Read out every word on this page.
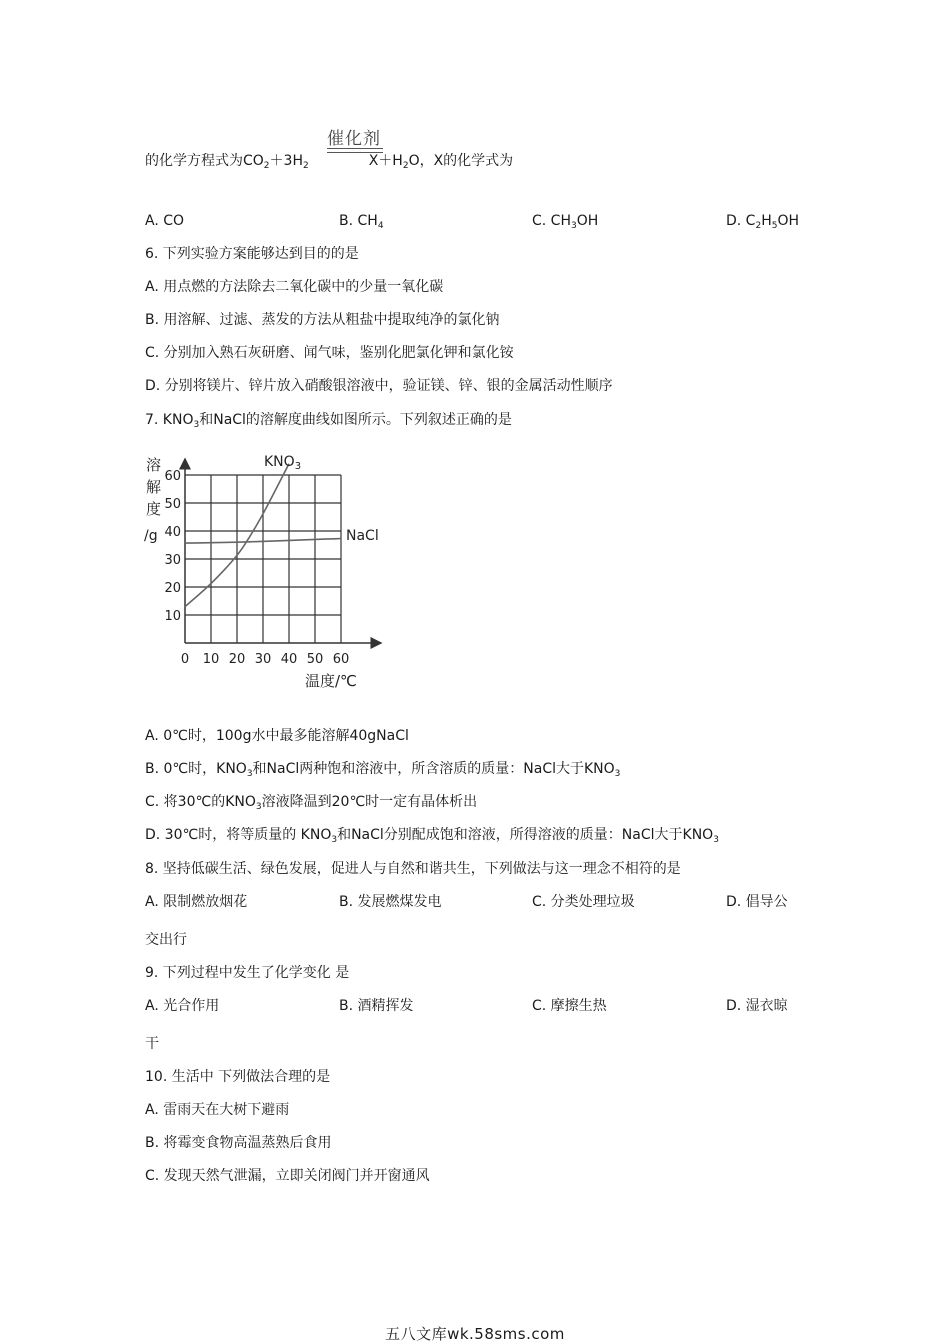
催化剂
的化学方程式为$CO_2+3H_2$	$X+H_2O$，X的化学式为
A. CO	B. $CH_4$	C. $CH_3OH$	D. $C_2H_5OH$
6. 下列实验方案能够达到目的的是
A. 用点燃的方法除去二氧化碳中的少量一氧化碳
B. 用溶解、过滤、蒸发的方法从粗盐中提取纯净的氯化钠
C. 分别加入熟石灰研磨、闻气味，鉴别化肥氯化钾和氯化铵
D. 分别将镁片、锌片放入硝酸银溶液中，验证镁、锌、银的金属活动性顺序
7. $KNO_3$和NaCl的溶解度曲线如图所示。下列叙述正确的是
0 10 20 30 40 50 60
10
20
30
40
50
60
溶
解
度
/g
温度/℃
$KNO_3$
NaCl
A. 0℃时，100g水中最多能溶解40gNaCl
B. 0℃时，$KNO_3$和NaCl两种饱和溶液中，所含溶质的质量：NaCl大于$KNO_3$
C. 将30℃的$KNO_3$溶液降温到20℃时一定有晶体析出
D. 30℃时，将等质量的 $KNO_3$和NaCl分别配成饱和溶液，所得溶液的质量：NaCl大于$KNO_3$
8. 坚持低碳生活、绿色发展，促进人与自然和谐共生，下列做法与这一理念不相符的是
A. 限制燃放烟花	B. 发展燃煤发电	C. 分类处理垃圾	D. 倡导公
交出行
9. 下列过程中发生了化学变化 是
A. 光合作用	B. 酒精挥发	C. 摩擦生热	D. 湿衣晾
干
10. 生活中 下列做法合理的是
A. 雷雨天在大树下避雨
B. 将霉变食物高温蒸熟后食用
C. 发现天然气泄漏，立即关闭阀门并开窗通风
五八文库wk.58sms.com
